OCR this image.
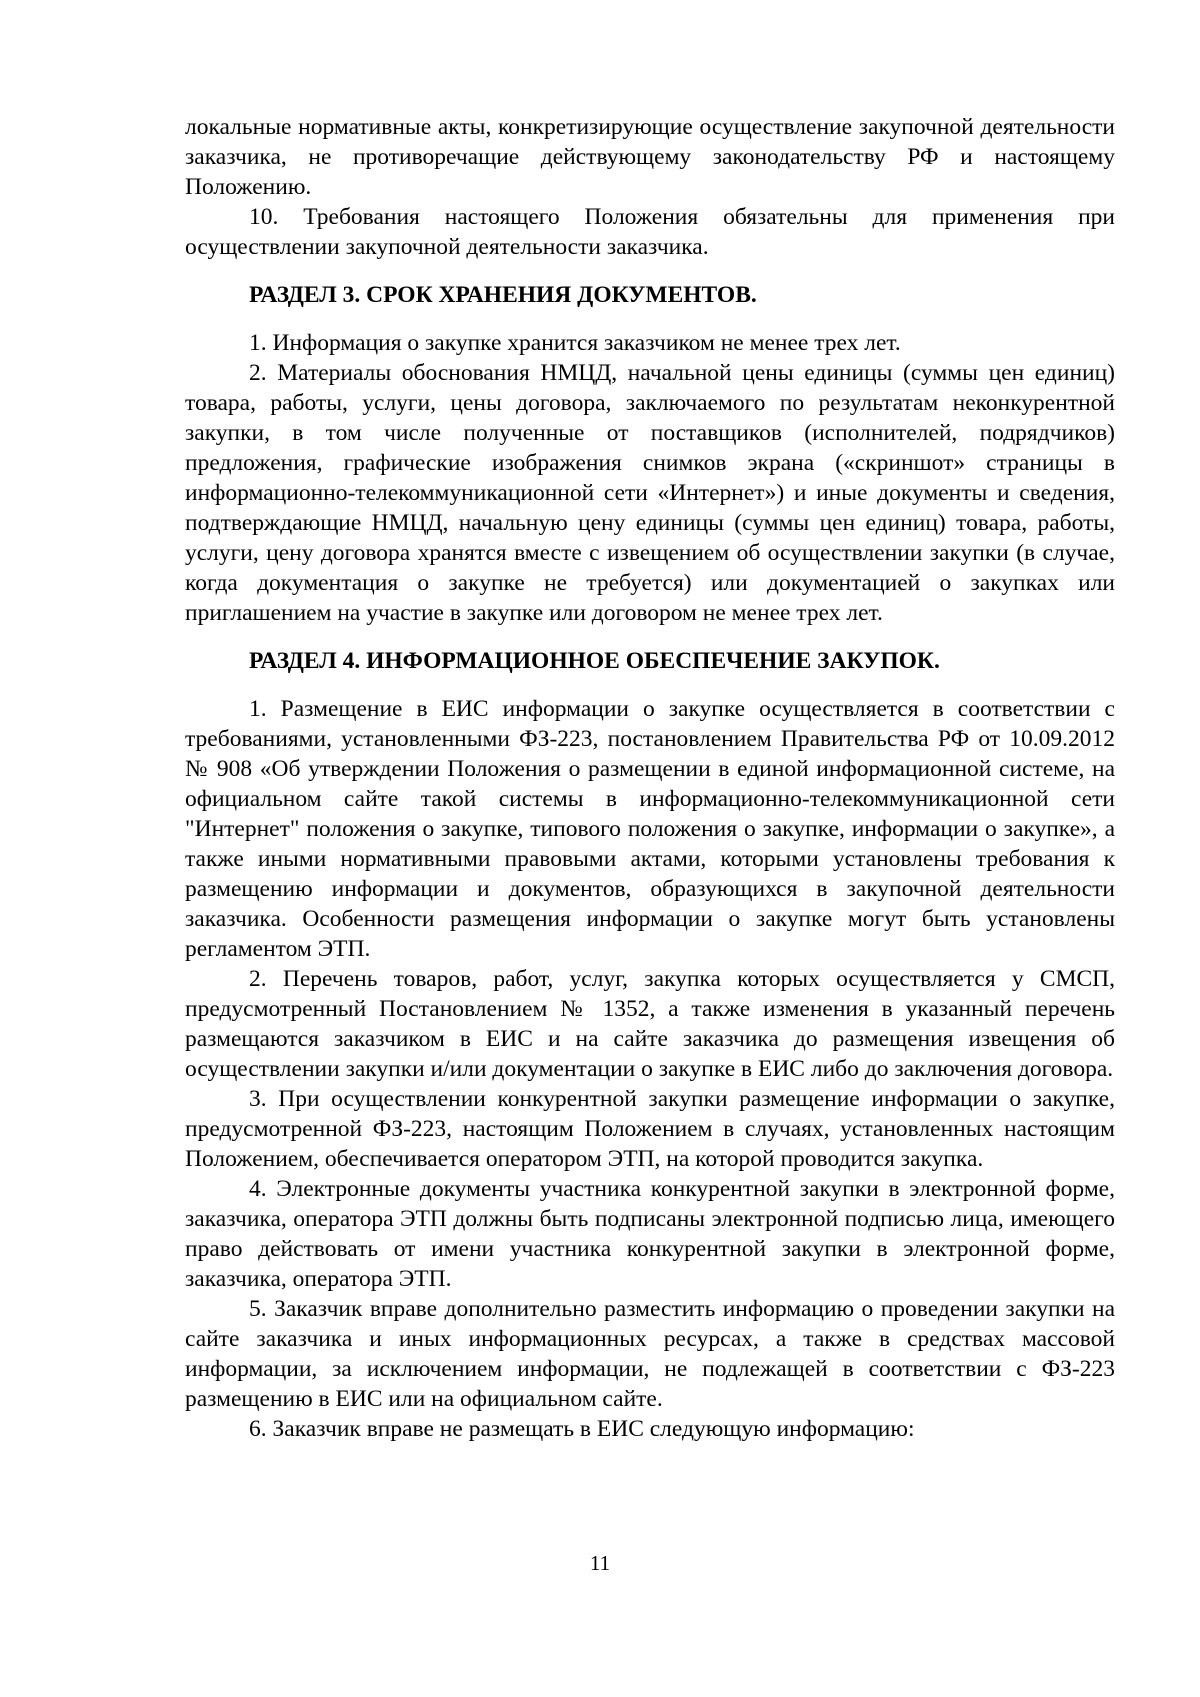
локальные нормативные акты, конкретизирующие осуществление закупочной деятельности заказчика, не противоречащие действующему законодательству РФ и настоящему Положению.

10. Требования настоящего Положения обязательны для применения при осуществлении закупочной деятельности заказчика.

РАЗДЕЛ 3. СРОК ХРАНЕНИЯ ДОКУМЕНТОВ.

1. Информация о закупке хранится заказчиком не менее трех лет.

2. Материалы обоснования НМЦД, начальной цены единицы (суммы цен единиц) товара, работы, услуги, цены договора, заключаемого по результатам неконкурентной закупки, в том числе полученные от поставщиков (исполнителей, подрядчиков) предложения, графические изображения снимков экрана («скриншот» страницы в информационно-телекоммуникационной сети «Интернет») и иные документы и сведения, подтверждающие НМЦД, начальную цену единицы (суммы цен единиц) товара, работы, услуги, цену договора хранятся вместе с извещением об осуществлении закупки (в случае, когда документация о закупке не требуется) или документацией о закупках или приглашением на участие в закупке или договором не менее трех лет.

РАЗДЕЛ 4. ИНФОРМАЦИОННОЕ ОБЕСПЕЧЕНИЕ ЗАКУПОК.

1. Размещение в ЕИС информации о закупке осуществляется в соответствии с требованиями, установленными ФЗ-223, постановлением Правительства РФ от 10.09.2012 № 908 «Об утверждении Положения о размещении в единой информационной системе, на официальном сайте такой системы в информационно-телекоммуникационной сети "Интернет" положения о закупке, типового положения о закупке, информации о закупке», а также иными нормативными правовыми актами, которыми установлены требования к размещению информации и документов, образующихся в закупочной деятельности заказчика. Особенности размещения информации о закупке могут быть установлены регламентом ЭТП.

2. Перечень товаров, работ, услуг, закупка которых осуществляется у СМСП, предусмотренный Постановлением № 1352, а также изменения в указанный перечень размещаются заказчиком в ЕИС и на сайте заказчика до размещения извещения об осуществлении закупки и/или документации о закупке в ЕИС либо до заключения договора.

3. При осуществлении конкурентной закупки размещение информации о закупке, предусмотренной ФЗ-223, настоящим Положением в случаях, установленных настоящим Положением, обеспечивается оператором ЭТП, на которой проводится закупка.

4. Электронные документы участника конкурентной закупки в электронной форме, заказчика, оператора ЭТП должны быть подписаны электронной подписью лица, имеющего право действовать от имени участника конкурентной закупки в электронной форме, заказчика, оператора ЭТП.

5. Заказчик вправе дополнительно разместить информацию о проведении закупки на сайте заказчика и иных информационных ресурсах, а также в средствах массовой информации, за исключением информации, не подлежащей в соответствии с ФЗ-223 размещению в ЕИС или на официальном сайте.

6. Заказчик вправе не размещать в ЕИС следующую информацию:

11
